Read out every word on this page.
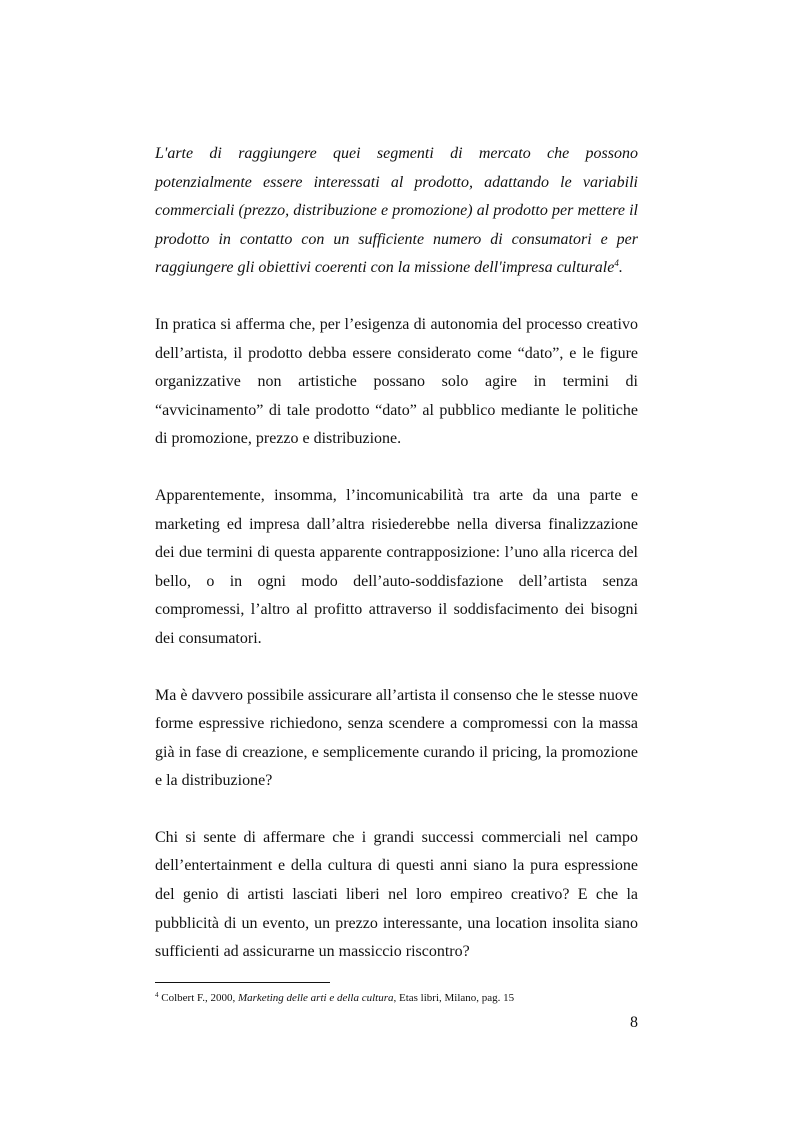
L'arte di raggiungere quei segmenti di mercato che possono potenzialmente essere interessati al prodotto, adattando le variabili commerciali (prezzo, distribuzione e promozione) al prodotto per mettere il prodotto in contatto con un sufficiente numero di consumatori e per raggiungere gli obiettivi coerenti con la missione dell'impresa culturale$^4$.

In pratica si afferma che, per l’esigenza di autonomia del processo creativo dell’artista, il prodotto debba essere considerato come “dato”, e le figure organizzative non artistiche possano solo agire in termini di “avvicinamento” di tale prodotto “dato” al pubblico mediante le politiche di promozione, prezzo e distribuzione.

Apparentemente, insomma, l’incomunicabilità tra arte da una parte e marketing ed impresa dall’altra risiederebbe nella diversa finalizzazione dei due termini di questa apparente contrapposizione: l’uno alla ricerca del bello, o in ogni modo dell’auto-soddisfazione dell’artista senza compromessi, l’altro al profitto attraverso il soddisfacimento dei bisogni dei consumatori.

Ma è davvero possibile assicurare all’artista il consenso che le stesse nuove forme espressive richiedono, senza scendere a compromessi con la massa già in fase di creazione, e semplicemente curando il pricing, la promozione e la distribuzione?

Chi si sente di affermare che i grandi successi commerciali nel campo dell’entertainment e della cultura di questi anni siano la pura espressione del genio di artisti lasciati liberi nel loro empireo creativo? E che la pubblicità di un evento, un prezzo interessante, una location insolita siano sufficienti ad assicurarne un massiccio riscontro?

$^4$ Colbert F., 2000, Marketing delle arti e della cultura, Etas libri, Milano, pag. 15

8
